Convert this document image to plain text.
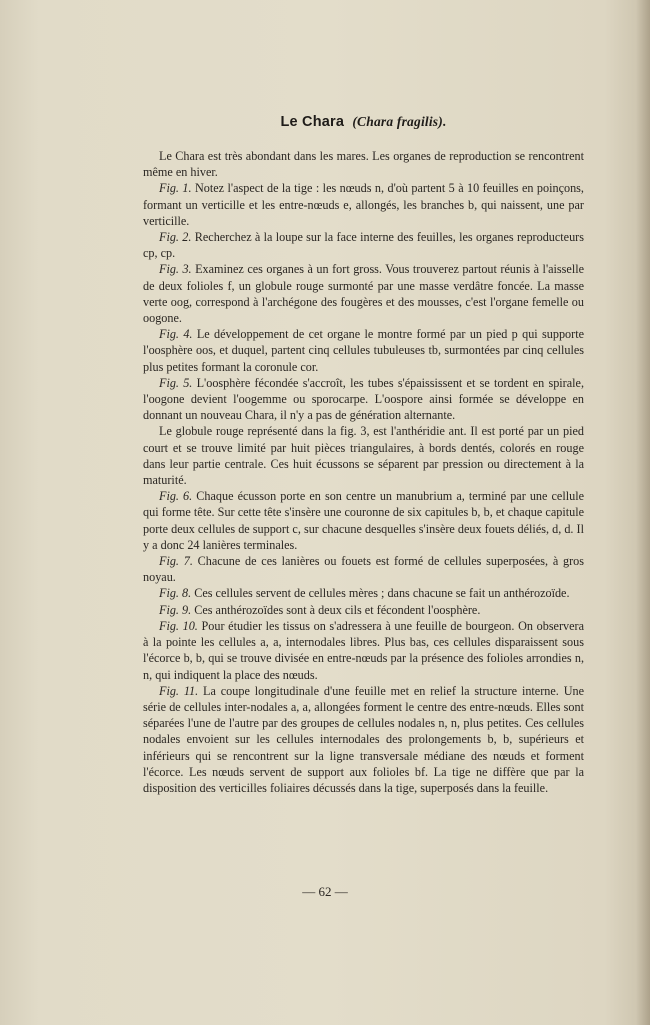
Le Chara (Chara fragilis).

Le Chara est très abondant dans les mares. Les organes de reproduction se rencontrent même en hiver.

Fig. 1. Notez l'aspect de la tige : les nœuds n, d'où partent 5 à 10 feuilles en poinçons, formant un verticille et les entre-nœuds e, allongés, les branches b, qui naissent, une par verticille.

Fig. 2. Recherchez à la loupe sur la face interne des feuilles, les organes reproducteurs cp, cp.

Fig. 3. Examinez ces organes à un fort gross. Vous trouverez partout réunis à l'aisselle de deux folioles f, un globule rouge surmonté par une masse verdâtre foncée. La masse verte oog, correspond à l'archégone des fougères et des mousses, c'est l'organe femelle ou oogone.

Fig. 4. Le développement de cet organe le montre formé par un pied p qui supporte l'oosphère oos, et duquel, partent cinq cellules tubuleuses tb, surmontées par cinq cellules plus petites formant la coronule cor.

Fig. 5. L'oosphère fécondée s'accroît, les tubes s'épaississent et se tordent en spirale, l'oogone devient l'oogemme ou sporocarpe. L'oospore ainsi formée se développe en donnant un nouveau Chara, il n'y a pas de génération alternante.

Le globule rouge représenté dans la fig. 3, est l'anthéridie ant. Il est porté par un pied court et se trouve limité par huit pièces triangulaires, à bords dentés, colorés en rouge dans leur partie centrale. Ces huit écussons se séparent par pression ou directement à la maturité.

Fig. 6. Chaque écusson porte en son centre un manubrium a, terminé par une cellule qui forme tête. Sur cette tête s'insère une couronne de six capitules b, b, et chaque capitule porte deux cellules de support c, sur chacune desquelles s'insère deux fouets déliés, d, d. Il y a donc 24 lanières terminales.

Fig. 7. Chacune de ces lanières ou fouets est formé de cellules superposées, à gros noyau.

Fig. 8. Ces cellules servent de cellules mères ; dans chacune se fait un anthérozoïde.

Fig. 9. Ces anthérozoïdes sont à deux cils et fécondent l'oosphère.

Fig. 10. Pour étudier les tissus on s'adressera à une feuille de bourgeon. On observera à la pointe les cellules a, a, internodales libres. Plus bas, ces cellules disparaissent sous l'écorce b, b, qui se trouve divisée en entre-nœuds par la présence des folioles arrondies n, n, qui indiquent la place des nœuds.

Fig. 11. La coupe longitudinale d'une feuille met en relief la structure interne. Une série de cellules inter-nodales a, a, allongées forment le centre des entre-nœuds. Elles sont séparées l'une de l'autre par des groupes de cellules nodales n, n, plus petites. Ces cellules nodales envoient sur les cellules internodales des prolongements b, b, supérieurs et inférieurs qui se rencontrent sur la ligne transversale médiane des nœuds et forment l'écorce. Les nœuds servent de support aux folioles bf. La tige ne diffère que par la disposition des verticilles foliaires décussés dans la tige, superposés dans la feuille.

— 62 —
